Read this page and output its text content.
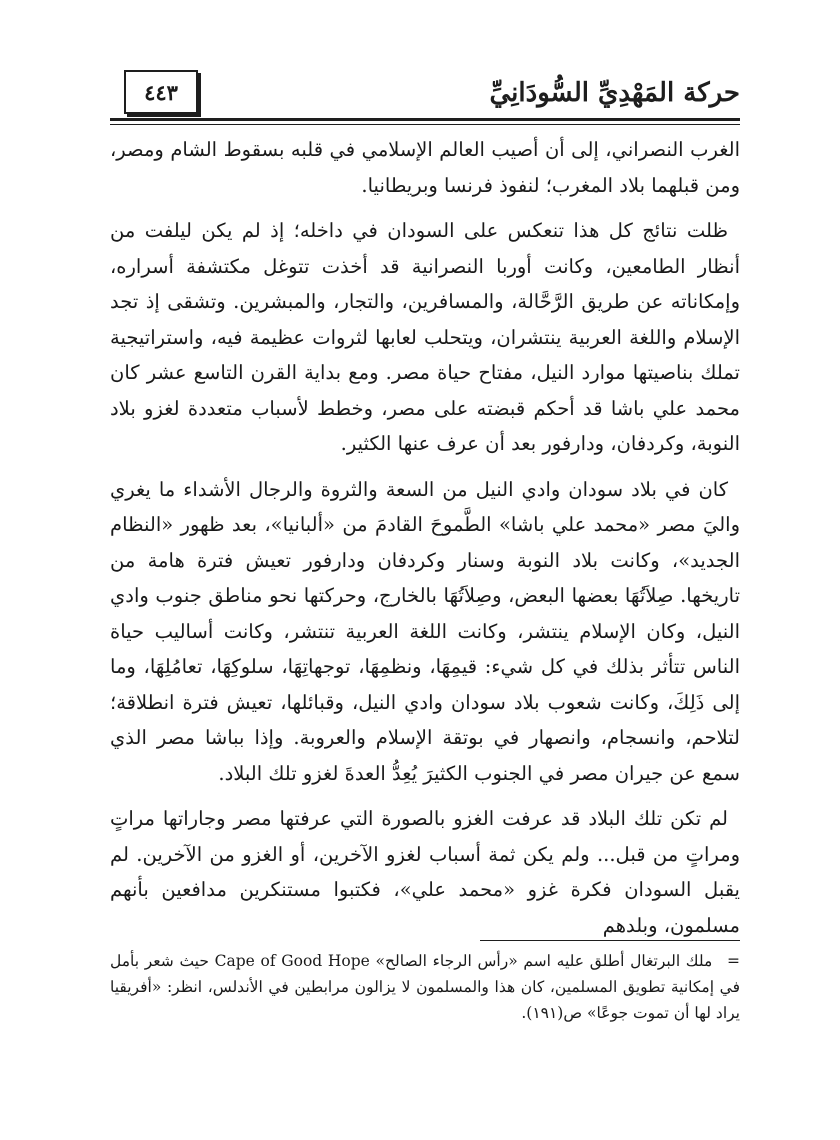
حركة المَهْدِيِّ السُّودَانِيِّ
٤٤٣

الغرب النصراني، إلى أن أصيب العالم الإسلامي في قلبه بسقوط الشام ومصر، ومن قبلهما بلاد المغرب؛ لنفوذ فرنسا وبريطانيا.

ظلت نتائج كل هذا تنعكس على السودان في داخله؛ إذ لم يكن ليلفت من أنظار الطامعين، وكانت أوربا النصرانية قد أخذت تتوغل مكتشفة أسراره، وإمكاناته عن طريق الرَّحَّالة، والمسافرين، والتجار، والمبشرين. وتشقى إذ تجد الإسلام واللغة العربية ينتشران، ويتحلب لعابها لثروات عظيمة فيه، واستراتيجية تملك بناصيتها موارد النيل، مفتاح حياة مصر. ومع بداية القرن التاسع عشر كان محمد علي باشا قد أحكم قبضته على مصر، وخطط لأسباب متعددة لغزو بلاد النوبة، وكردفان، ودارفور بعد أن عرف عنها الكثير.

كان في بلاد سودان وادي النيل من السعة والثروة والرجال الأشداء ما يغري واليَ مصر «محمد علي باشا» الطَّموحَ القادمَ من «ألبانيا»، بعد ظهور «النظام الجديد»، وكانت بلاد النوبة وسنار وكردفان ودارفور تعيش فترة هامة من تاريخها. صِلاَتُهَا بعضها البعض، وصِلاَتُهَا بالخارج، وحركتها نحو مناطق جنوب وادي النيل، وكان الإسلام ينتشر، وكانت اللغة العربية تنتشر، وكانت أساليب حياة الناس تتأثر بذلك في كل شيء: قيمِهَا، ونظمِهَا، توجهاتِهَا، سلوكِهَا، تعامُلِهَا، وما إلى ذَلِكَ، وكانت شعوب بلاد سودان وادي النيل، وقبائلها، تعيش فترة انطلاقة؛ لتلاحم، وانسجام، وانصهار في بوتقة الإسلام والعروبة. وإذا بباشا مصر الذي سمع عن جيران مصر في الجنوب الكثيرَ يُعِدُّ العدةَ لغزو تلك البلاد.

لم تكن تلك البلاد قد عرفت الغزو بالصورة التي عرفتها مصر وجاراتها مراتٍ ومراتٍ من قبل... ولم يكن ثمة أسباب لغزو الآخرين، أو الغزو من الآخرين. لم يقبل السودان فكرة غزو «محمد علي»، فكتبوا مستنكرين مدافعين بأنهم مسلمون، وبلدهم

= ملك البرتغال أطلق عليه اسم «رأس الرجاء الصالح» Cape of Good Hope حيث شعر بأمل في إمكانية تطويق المسلمين، كان هذا والمسلمون لا يزالون مرابطين في الأندلس، انظر: «أفريقيا يراد لها أن تموت جوعًا» ص(١٩١).
